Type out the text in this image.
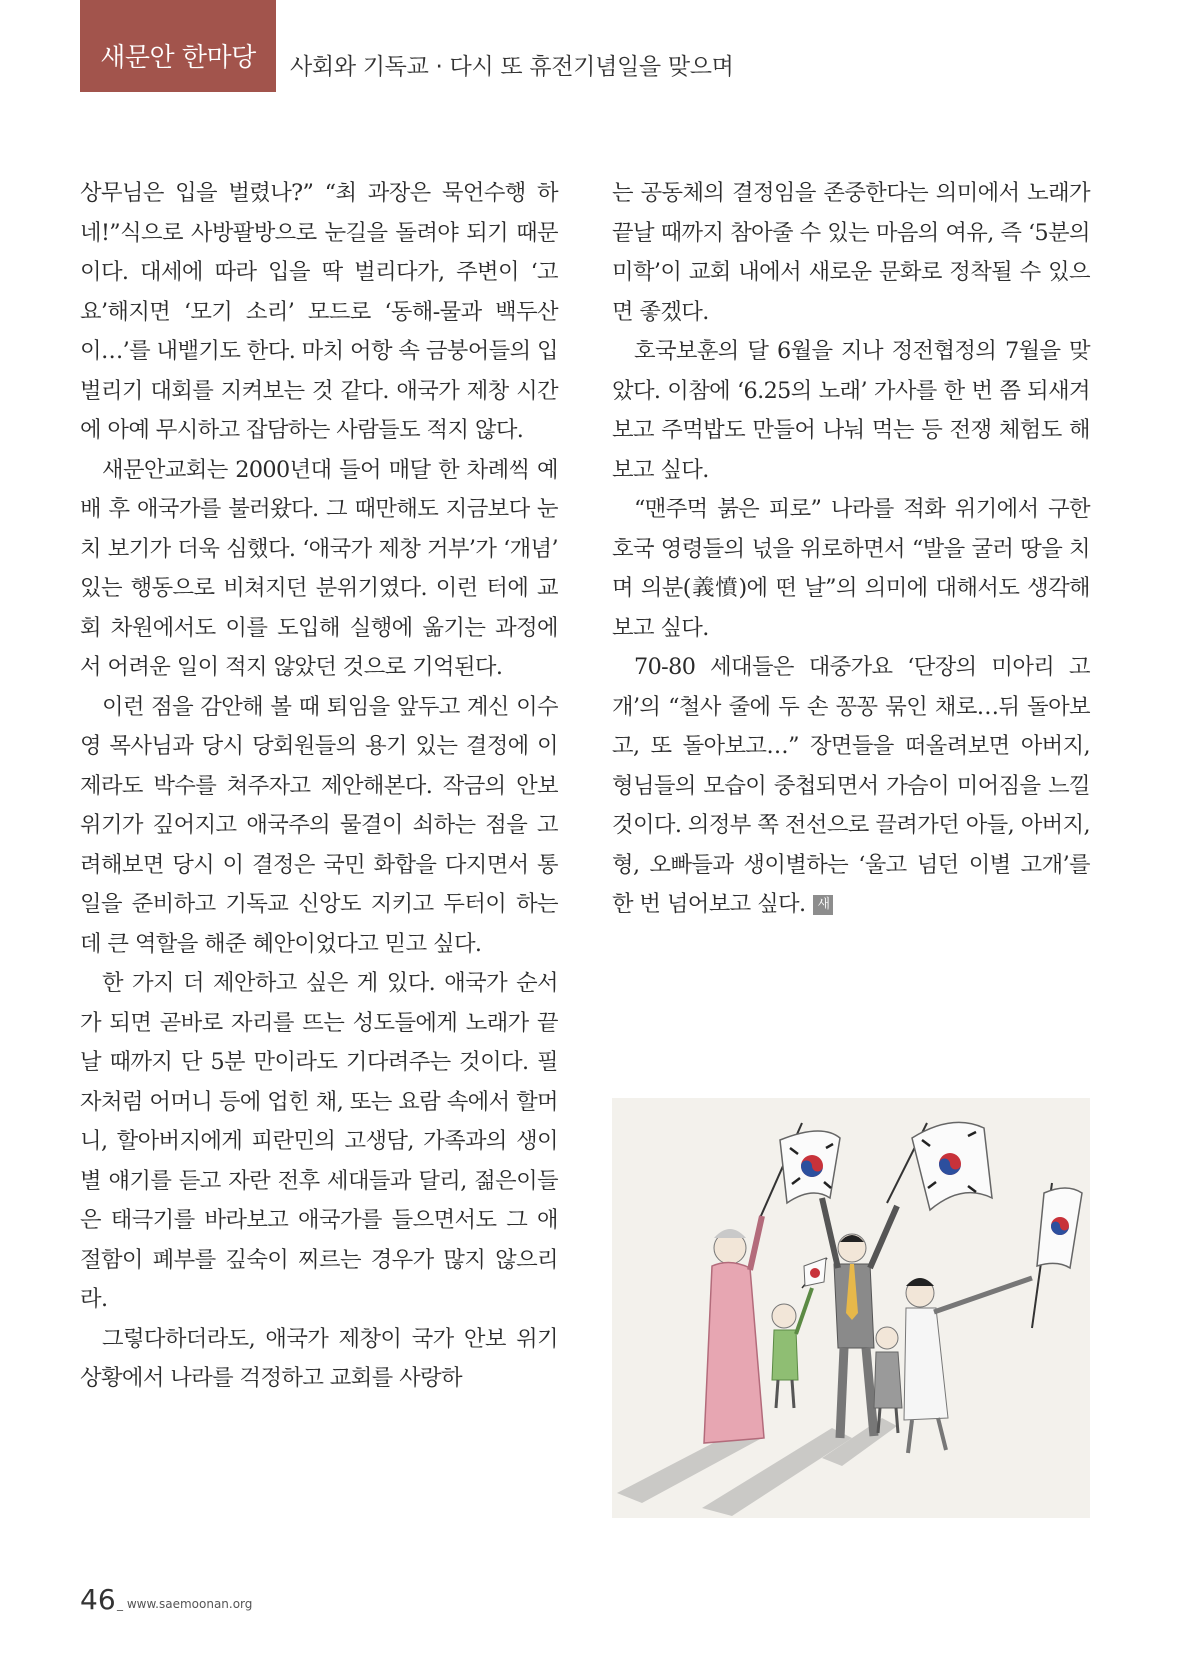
새문안 한마당	사회와 기독교 · 다시 또 휴전기념일을 맞으며

상무님은 입을 벌렸나?” “최 과장은 묵언수행 하네!”식으로 사방팔방으로 눈길을 돌려야 되기 때문이다. 대세에 따라 입을 딱 벌리다가, 주변이 ‘고요’해지면 ‘모기 소리’ 모드로 ‘동해-물과 백두산이…’를 내뱉기도 한다. 마치 어항 속 금붕어들의 입 벌리기 대회를 지켜보는 것 같다. 애국가 제창 시간에 아예 무시하고 잡담하는 사람들도 적지 않다.

새문안교회는 2000년대 들어 매달 한 차례씩 예배 후 애국가를 불러왔다. 그 때만해도 지금보다 눈치 보기가 더욱 심했다. ‘애국가 제창 거부’가 ‘개념’ 있는 행동으로 비쳐지던 분위기였다. 이런 터에 교회 차원에서도 이를 도입해 실행에 옮기는 과정에서 어려운 일이 적지 않았던 것으로 기억된다.

이런 점을 감안해 볼 때 퇴임을 앞두고 계신 이수영 목사님과 당시 당회원들의 용기 있는 결정에 이제라도 박수를 쳐주자고 제안해본다. 작금의 안보 위기가 깊어지고 애국주의 물결이 쇠하는 점을 고려해보면 당시 이 결정은 국민 화합을 다지면서 통일을 준비하고 기독교 신앙도 지키고 두터이 하는데 큰 역할을 해준 혜안이었다고 믿고 싶다.

한 가지 더 제안하고 싶은 게 있다. 애국가 순서가 되면 곧바로 자리를 뜨는 성도들에게 노래가 끝날 때까지 단 5분 만이라도 기다려주는 것이다. 필자처럼 어머니 등에 업힌 채, 또는 요람 속에서 할머니, 할아버지에게 피란민의 고생담, 가족과의 생이별 얘기를 듣고 자란 전후 세대들과 달리, 젊은이들은 태극기를 바라보고 애국가를 들으면서도 그 애절함이 폐부를 깊숙이 찌르는 경우가 많지 않으리라.

그렇다하더라도, 애국가 제창이 국가 안보 위기 상황에서 나라를 걱정하고 교회를 사랑하

는 공동체의 결정임을 존중한다는 의미에서 노래가 끝날 때까지 참아줄 수 있는 마음의 여유, 즉 ‘5분의 미학’이 교회 내에서 새로운 문화로 정착될 수 있으면 좋겠다.

호국보훈의 달 6월을 지나 정전협정의 7월을 맞았다. 이참에 ‘6.25의 노래’ 가사를 한 번 쯤 되새겨보고 주먹밥도 만들어 나눠 먹는 등 전쟁 체험도 해보고 싶다.

“맨주먹 붉은 피로” 나라를 적화 위기에서 구한 호국 영령들의 넋을 위로하면서 “발을 굴러 땅을 치며 의분(義憤)에 떤 날”의 의미에 대해서도 생각해보고 싶다.

70-80 세대들은 대중가요 ‘단장의 미아리 고개’의 “철사 줄에 두 손 꽁꽁 묶인 채로…뒤 돌아보고, 또 돌아보고…” 장면들을 떠올려보면 아버지, 형님들의 모습이 중첩되면서 가슴이 미어짐을 느낄 것이다. 의정부 쪽 전선으로 끌려가던 아들, 아버지, 형, 오빠들과 생이별하는 ‘울고 넘던 이별 고개’를 한 번 넘어보고 싶다. 새

46 _ www.saemoonan.org
